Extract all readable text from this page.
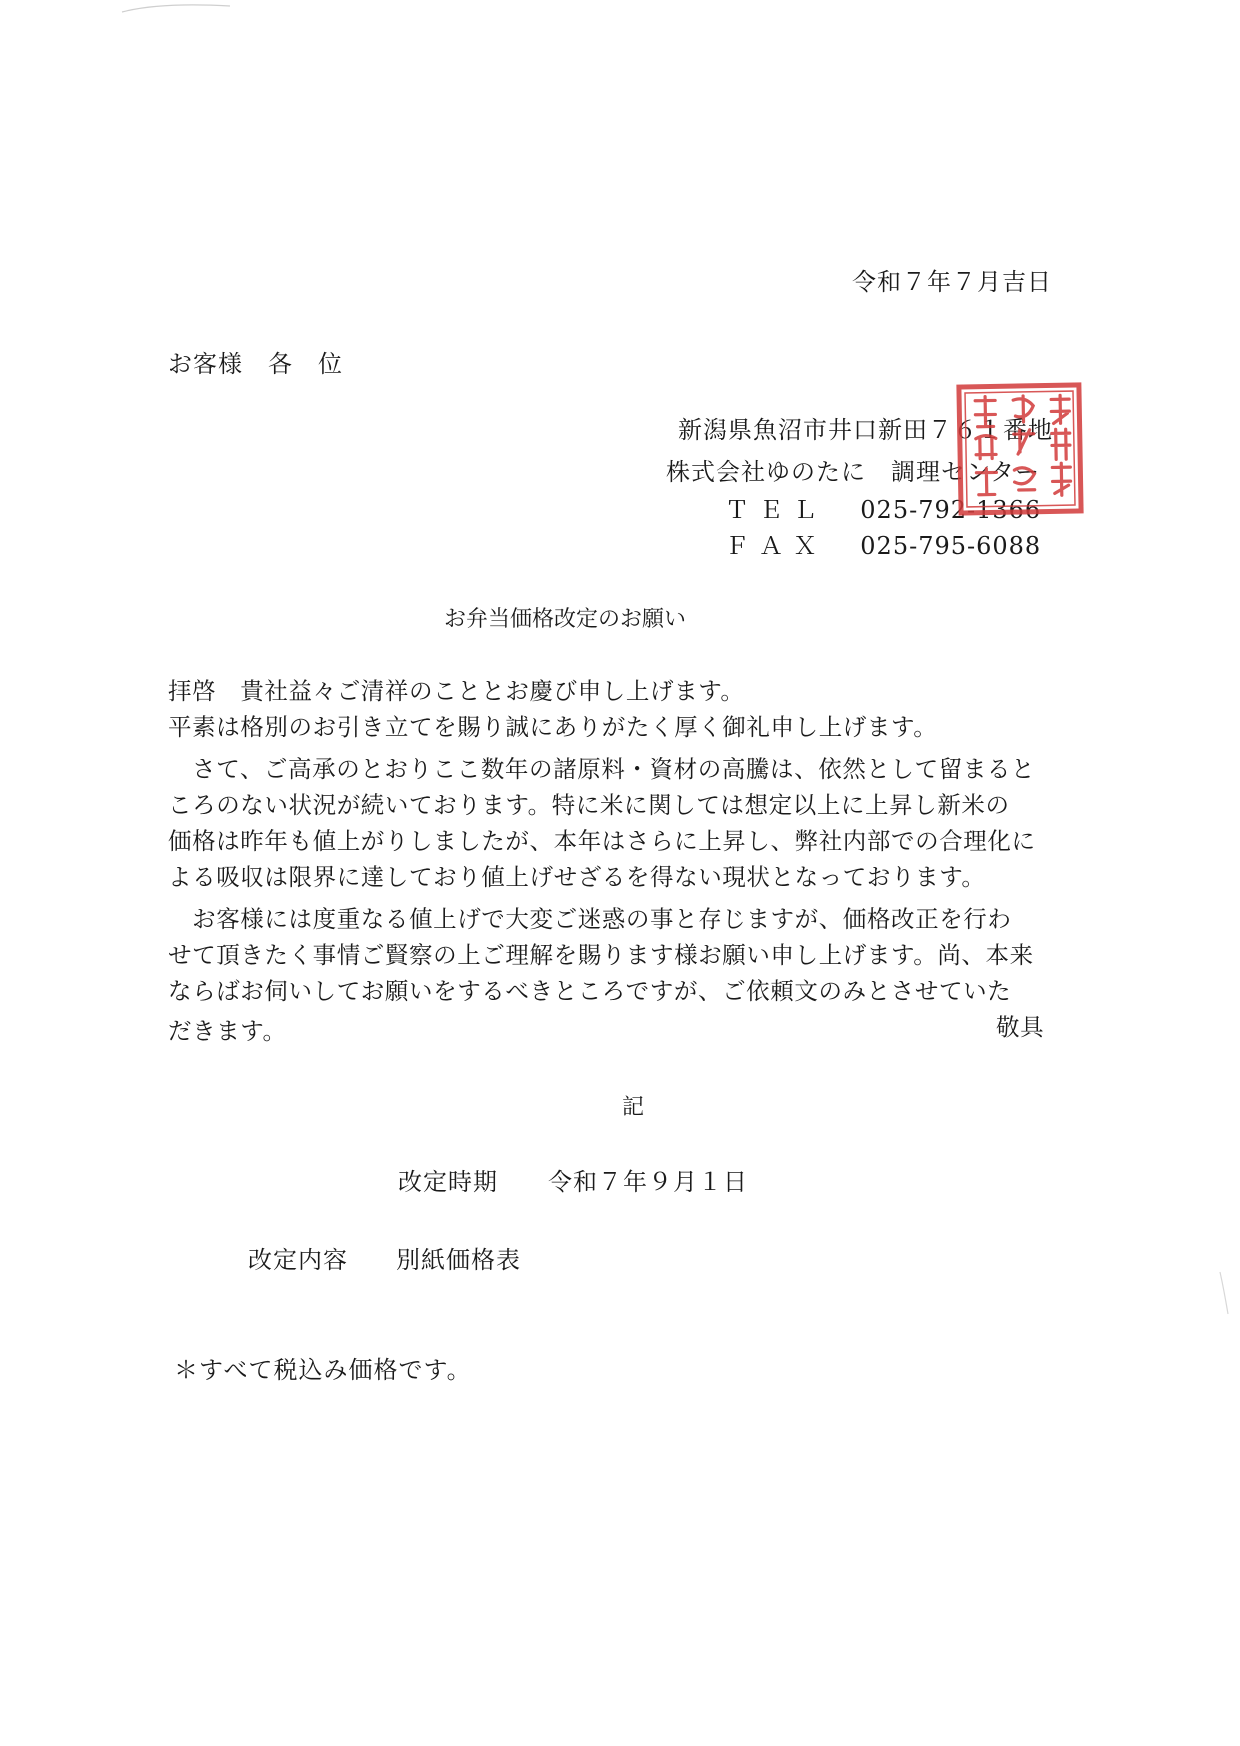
令和７年７月吉日
お客様　各　位
新潟県魚沼市井口新田７６１番地
株式会社ゆのたに　調理センター
ＴＥＬ 025-792-1366
ＦＡＸ 025-795-6088
お弁当価格改定のお願い
拝啓　貴社益々ご清祥のこととお慶び申し上げます。
平素は格別のお引き立てを賜り誠にありがたく厚く御礼申し上げます。
　さて、ご高承のとおりここ数年の諸原料・資材の高騰は、依然として留まると
ころのない状況が続いております。特に米に関しては想定以上に上昇し新米の
価格は昨年も値上がりしましたが、本年はさらに上昇し、弊社内部での合理化に
よる吸収は限界に達しており値上げせざるを得ない現状となっております。
　お客様には度重なる値上げで大変ご迷惑の事と存じますが、価格改正を行わ
せて頂きたく事情ご賢察の上ご理解を賜ります様お願い申し上げます。尚、本来
ならばお伺いしてお願いをするべきところですが、ご依頼文のみとさせていた
だきます。	敬具
記
改定時期 令和７年９月１日
改定内容 別紙価格表
＊すべて税込み価格です。
